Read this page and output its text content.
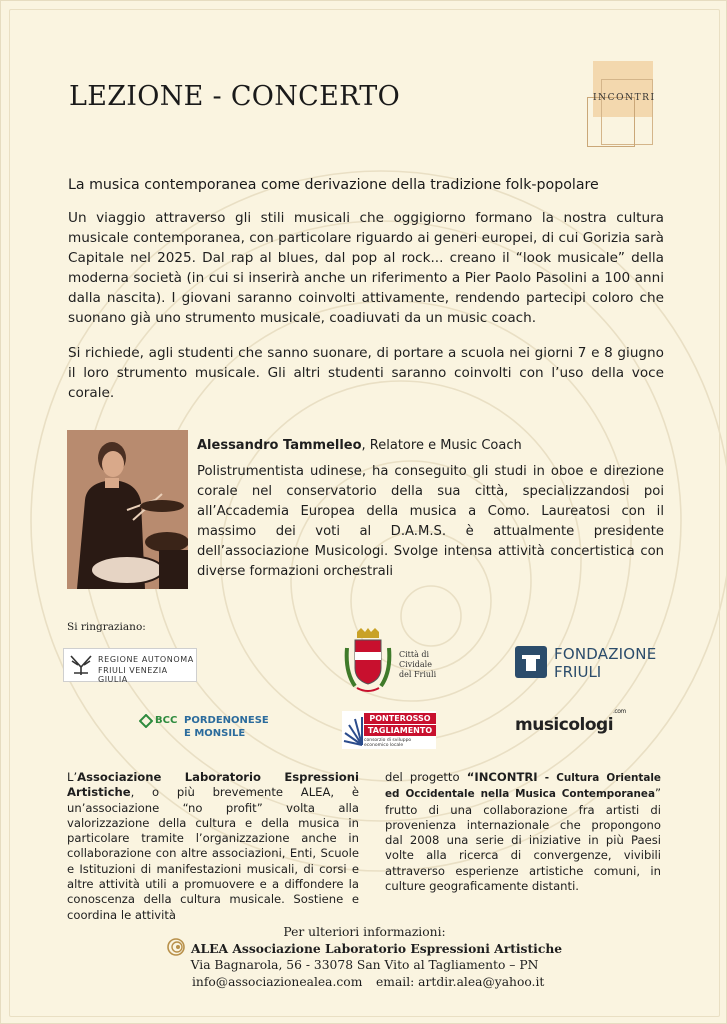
LEZIONE - CONCERTO	INCONTRI
La musica contemporanea come derivazione della tradizione folk-popolare

Un viaggio attraverso gli stili musicali che oggigiorno formano la nostra cultura musicale contemporanea, con particolare riguardo ai generi europei, di cui Gorizia sarà Capitale nel 2025. Dal rap al blues, dal pop al rock... creano il “look musicale” della moderna società (in cui si inserirà anche un riferimento a Pier Paolo Pasolini a 100 anni dalla nascita). I giovani saranno coinvolti attivamente, rendendo partecipi coloro che suonano già uno strumento musicale, coadiuvati da un music coach.

Si richiede, agli studenti che sanno suonare, di portare a scuola nei giorni 7 e 8 giugno il loro strumento musicale. Gli altri studenti saranno coinvolti con l’uso della voce corale.

Alessandro Tammelleo, Relatore e Music Coach

Polistrumentista udinese, ha conseguito gli studi in oboe e direzione corale nel conservatorio della sua città, specializzandosi poi all’Accademia Europea della musica a Como. Laureatosi con il massimo dei voti al D.A.M.S. è attualmente presidente dell’associazione Musicologi. Svolge intensa attività concertistica con diverse formazioni orchestrali

Si ringraziano:

REGIONE AUTONOMA
FRIULI VENEZIA GIULIA
Città di
Cividale
del Friuli
FONDAZIONE
FRIULI
BCC PORDENONESE
E MONSILE
PONTEROSSO
TAGLIAMENTO
consorzio di sviluppo economico locale
musicologi
.com

L’Associazione Laboratorio Espressioni Artistiche, o più brevemente ALEA, è un’associazione “no profit” volta alla valorizzazione della cultura e della musica in particolare tramite l’organizzazione anche in collaborazione con altre associazioni, Enti, Scuole e Istituzioni di manifestazioni musicali, di corsi e altre attività utili a promuovere e a diffondere la conoscenza della cultura musicale. Sostiene e coordina le attività

del progetto “INCONTRI - Cultura Orientale ed Occidentale nella Musica Contemporanea” frutto di una collaborazione fra artisti di provenienza internazionale che propongono dal 2008 una serie di iniziative in più Paesi volte alla ricerca di convergenze, vivibili attraverso esperienze artistiche comuni, in culture geograficamente distanti.

Per ulteriori informazioni:

ALEA Associazione Laboratorio Espressioni Artistiche

Via Bagnarola, 56 - 33078 San Vito al Tagliamento – PN

info@associazionealea.com email: artdir.alea@yahoo.it
